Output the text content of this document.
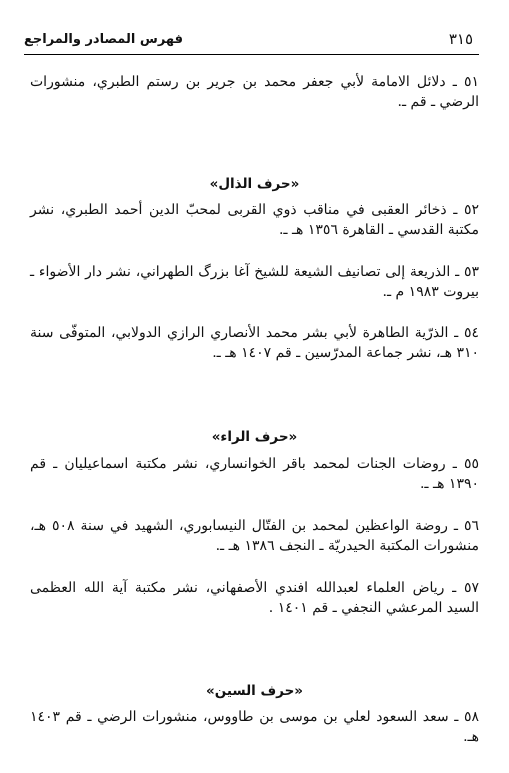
فهرس المصادر والمراجع	٣١٥
٥١ ـ دلائل الامامة لأبي جعفر محمد بن جرير بن رستم الطبري، منشورات الرضي ـ قم ـ.
«حرف الذال»
٥٢ ـ ذخائر العقبى في مناقب ذوي القربى لمحبّ الدين أحمد الطبري، نشر مكتبة القدسي ـ القاهرة ١٣٥٦ هـ ـ.
٥٣ ـ الذريعة إلى تصانيف الشيعة للشيخ آغا بزرگ الطهراني، نشر دار الأضواء ـ بيروت ١٩٨٣ م ـ.
٥٤ ـ الذرّية الطاهرة لأبي بشر محمد الأنصاري الرازي الدولابي، المتوفّى سنة ٣١٠ هـ، نشر جماعة المدرّسين ـ قم ١٤٠٧ هـ ـ.
«حرف الراء»
٥٥ ـ روضات الجنات لمحمد باقر الخوانساري، نشر مكتبة اسماعيليان ـ قم ١٣٩٠ هـ ـ.
٥٦ ـ روضة الواعظين لمحمد بن الفتّال النيسابوري، الشهيد في سنة ٥٠٨ هـ، منشورات المكتبة الحيدريّة ـ النجف ١٣٨٦ هـ ـ.
٥٧ ـ رياض العلماء لعبدالله افندي الأصفهاني، نشر مكتبة آية الله العظمى السيد المرعشي النجفي ـ قم ١٤٠١ .
«حرف السين»
٥٨ ـ سعد السعود لعلي بن موسى بن طاووس، منشورات الرضي ـ قم ١٤٠٣ هـ.
